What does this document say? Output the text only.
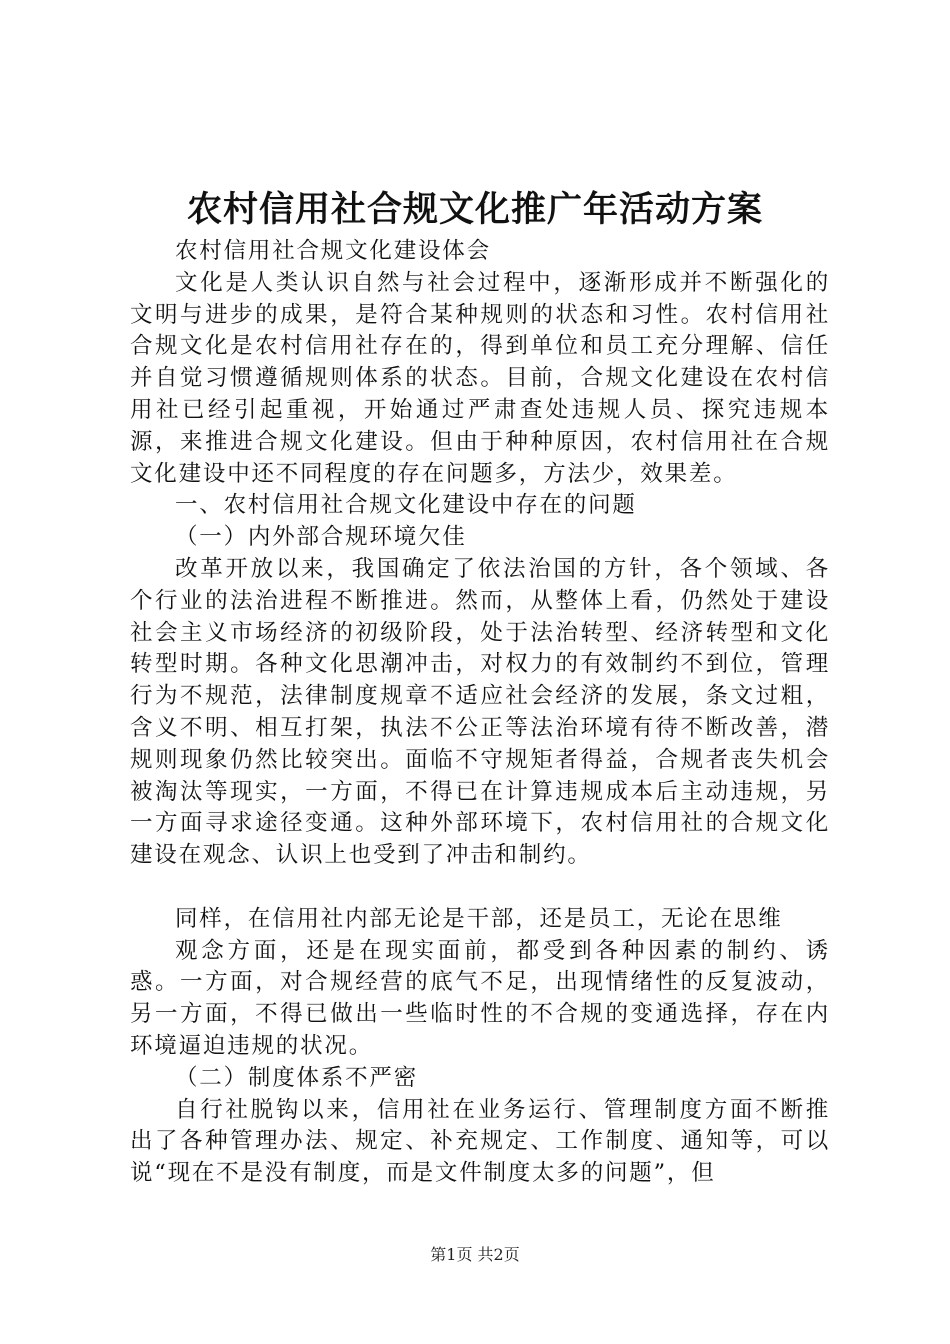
农村信用社合规文化推广年活动方案

农村信用社合规文化建设体会

文化是人类认识自然与社会过程中，逐渐形成并不断强化的文明与进步的成果，是符合某种规则的状态和习性。农村信用社合规文化是农村信用社存在的，得到单位和员工充分理解、信任并自觉习惯遵循规则体系的状态。目前，合规文化建设在农村信用社已经引起重视，开始通过严肃查处违规人员、探究违规本源，来推进合规文化建设。但由于种种原因，农村信用社在合规文化建设中还不同程度的存在问题多，方法少，效果差。

一、农村信用社合规文化建设中存在的问题

（一）内外部合规环境欠佳

改革开放以来，我国确定了依法治国的方针，各个领域、各个行业的法治进程不断推进。然而，从整体上看，仍然处于建设社会主义市场经济的初级阶段，处于法治转型、经济转型和文化转型时期。各种文化思潮冲击，对权力的有效制约不到位，管理行为不规范，法律制度规章不适应社会经济的发展，条文过粗，含义不明、相互打架，执法不公正等法治环境有待不断改善，潜规则现象仍然比较突出。面临不守规矩者得益，合规者丧失机会被淘汰等现实，一方面，不得已在计算违规成本后主动违规，另一方面寻求途径变通。这种外部环境下，农村信用社的合规文化建设在观念、认识上也受到了冲击和制约。

同样，在信用社内部无论是干部，还是员工，无论在思维

观念方面，还是在现实面前，都受到各种因素的制约、诱惑。一方面，对合规经营的底气不足，出现情绪性的反复波动，另一方面，不得已做出一些临时性的不合规的变通选择，存在内环境逼迫违规的状况。

（二）制度体系不严密

自行社脱钩以来，信用社在业务运行、管理制度方面不断推出了各种管理办法、规定、补充规定、工作制度、通知等，可以说“现在不是没有制度，而是文件制度太多的问题”，但

第1页 共2页
